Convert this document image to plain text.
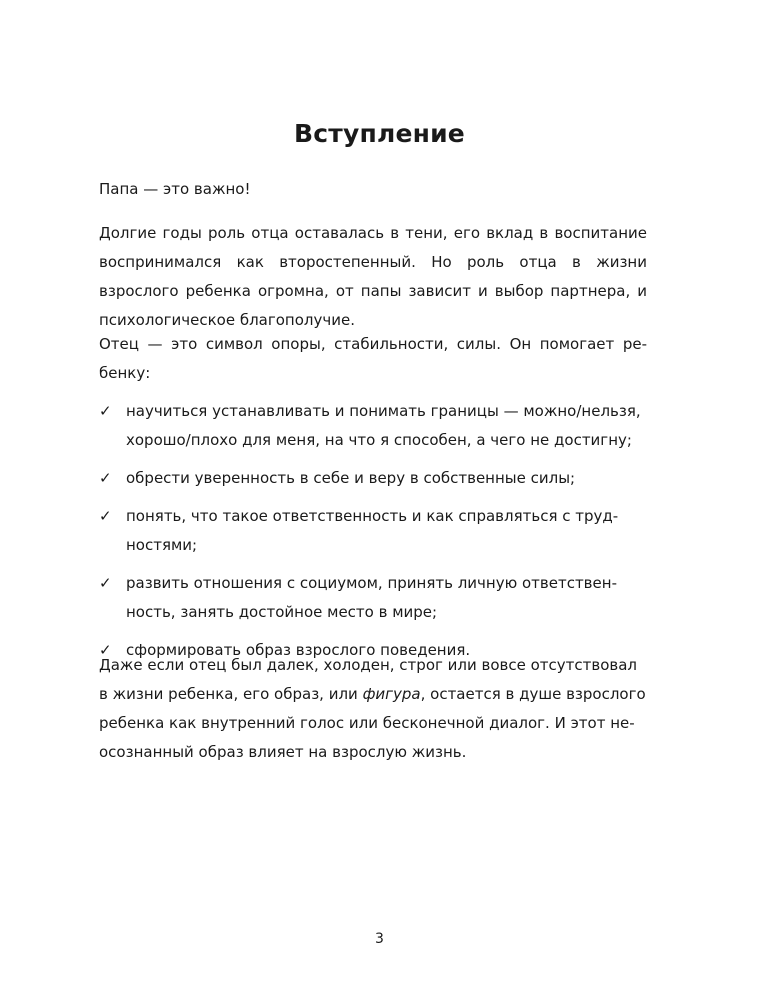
Вступление
Папа — это важно!
Долгие годы роль отца оставалась в тени, его вклад в воспитание воспринимался как второстепенный. Но роль отца в жизни взрослого ребенка огромна, от папы зависит и выбор партнера, и психологическое благополучие.
Отец — это символ опоры, стабильности, силы. Он помогает ребенку:
✓ научиться устанавливать и понимать границы — можно/нельзя, хорошо/плохо для меня, на что я способен, а чего не достигну;
✓ обрести уверенность в себе и веру в собственные силы;
✓ понять, что такое ответственность и как справляться с трудностями;
✓ развить отношения с социумом, принять личную ответственность, занять достойное место в мире;
✓ сформировать образ взрослого поведения.
Даже если отец был далек, холоден, строг или вовсе отсутствовал в жизни ребенка, его образ, или фигура, остается в душе взрослого ребенка как внутренний голос или бесконечной диалог. И этот неосознанный образ влияет на взрослую жизнь.
3
